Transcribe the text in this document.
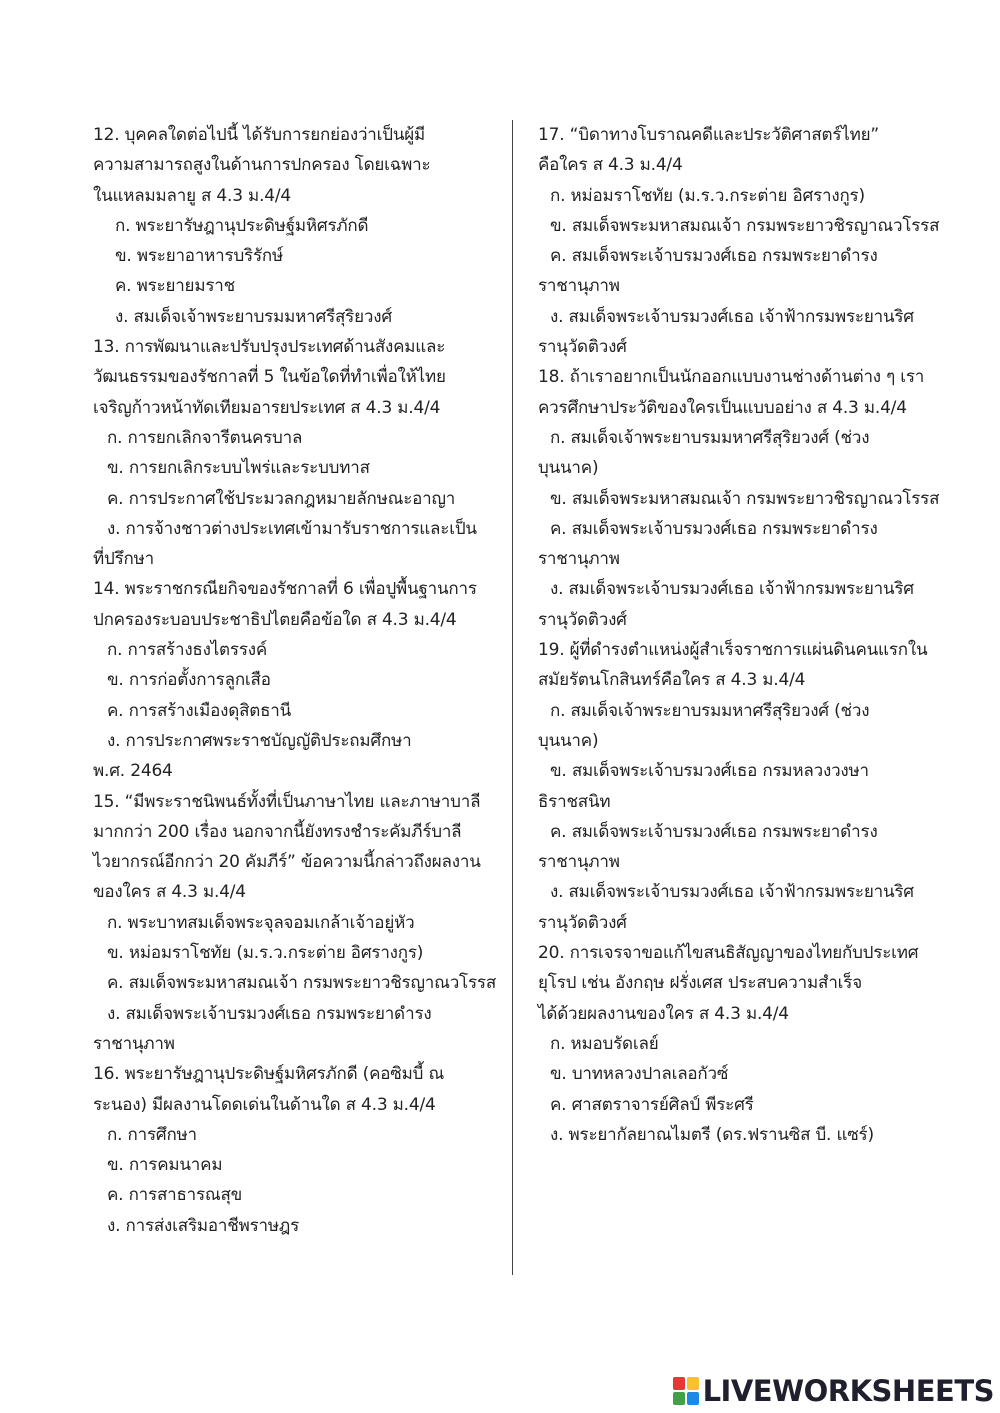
12. บุคคลใดต่อไปนี้ ได้รับการยกย่องว่าเป็นผู้มี
ความสามารถสูงในด้านการปกครอง โดยเฉพาะ
ในแหลมมลายู ส 4.3 ม.4/4
ก. พระยารัษฎานุประดิษฐ์มหิศรภักดี
ข. พระยาอาหารบริรักษ์
ค. พระยายมราช
ง. สมเด็จเจ้าพระยาบรมมหาศรีสุริยวงศ์
13. การพัฒนาและปรับปรุงประเทศด้านสังคมและ
วัฒนธรรมของรัชกาลที่ 5 ในข้อใดที่ทำเพื่อให้ไทย
เจริญก้าวหน้าทัดเทียมอารยประเทศ ส 4.3 ม.4/4
ก. การยกเลิกจารีตนครบาล
ข. การยกเลิกระบบไพร่และระบบทาส
ค. การประกาศใช้ประมวลกฎหมายลักษณะอาญา
ง. การจ้างชาวต่างประเทศเข้ามารับราชการและเป็น
ที่ปรึกษา
14. พระราชกรณียกิจของรัชกาลที่ 6 เพื่อปูพื้นฐานการ
ปกครองระบอบประชาธิปไตยคือข้อใด ส 4.3 ม.4/4
ก. การสร้างธงไตรรงค์
ข. การก่อตั้งการลูกเสือ
ค. การสร้างเมืองดุสิตธานี
ง. การประกาศพระราชบัญญัติประถมศึกษา
พ.ศ. 2464
15. “มีพระราชนิพนธ์ทั้งที่เป็นภาษาไทย และภาษาบาลี
มากกว่า 200 เรื่อง นอกจากนี้ยังทรงชำระคัมภีร์บาลี
ไวยากรณ์อีกกว่า 20 คัมภีร์” ข้อความนี้กล่าวถึงผลงาน
ของใคร ส 4.3 ม.4/4
ก. พระบาทสมเด็จพระจุลจอมเกล้าเจ้าอยู่หัว
ข. หม่อมราโชทัย (ม.ร.ว.กระต่าย อิศรางกูร)
ค. สมเด็จพระมหาสมณเจ้า กรมพระยาวชิรญาณวโรรส
ง. สมเด็จพระเจ้าบรมวงศ์เธอ กรมพระยาดำรง
ราชานุภาพ
16. พระยารัษฎานุประดิษฐ์มหิศรภักดี (คอซิมบี้ ณ
ระนอง) มีผลงานโดดเด่นในด้านใด ส 4.3 ม.4/4
ก. การศึกษา
ข. การคมนาคม
ค. การสาธารณสุข
ง. การส่งเสริมอาชีพราษฎร
17. “บิดาทางโบราณคดีและประวัติศาสตร์ไทย”
คือใคร ส 4.3 ม.4/4
ก. หม่อมราโชทัย (ม.ร.ว.กระต่าย อิศรางกูร)
ข. สมเด็จพระมหาสมณเจ้า กรมพระยาวชิรญาณวโรรส
ค. สมเด็จพระเจ้าบรมวงศ์เธอ กรมพระยาดำรง
ราชานุภาพ
ง. สมเด็จพระเจ้าบรมวงศ์เธอ เจ้าฟ้ากรมพระยานริศ
รานุวัดติวงศ์
18. ถ้าเราอยากเป็นนักออกแบบงานช่างด้านต่าง ๆ เรา
ควรศึกษาประวัติของใครเป็นแบบอย่าง ส 4.3 ม.4/4
ก. สมเด็จเจ้าพระยาบรมมหาศรีสุริยวงศ์ (ช่วง
บุนนาค)
ข. สมเด็จพระมหาสมณเจ้า กรมพระยาวชิรญาณวโรรส
ค. สมเด็จพระเจ้าบรมวงศ์เธอ กรมพระยาดำรง
ราชานุภาพ
ง. สมเด็จพระเจ้าบรมวงศ์เธอ เจ้าฟ้ากรมพระยานริศ
รานุวัดติวงศ์
19. ผู้ที่ดำรงตำแหน่งผู้สำเร็จราชการแผ่นดินคนแรกใน
สมัยรัตนโกสินทร์คือใคร ส 4.3 ม.4/4
ก. สมเด็จเจ้าพระยาบรมมหาศรีสุริยวงศ์ (ช่วง
บุนนาค)
ข. สมเด็จพระเจ้าบรมวงศ์เธอ กรมหลวงวงษา
ธิราชสนิท
ค. สมเด็จพระเจ้าบรมวงศ์เธอ กรมพระยาดำรง
ราชานุภาพ
ง. สมเด็จพระเจ้าบรมวงศ์เธอ เจ้าฟ้ากรมพระยานริศ
รานุวัดติวงศ์
20. การเจรจาขอแก้ไขสนธิสัญญาของไทยกับประเทศ
ยุโรป เช่น อังกฤษ ฝรั่งเศส ประสบความสำเร็จ
ได้ด้วยผลงานของใคร ส 4.3 ม.4/4
ก. หมอบรัดเลย์
ข. บาทหลวงปาลเลอกัวซ์
ค. ศาสตราจารย์ศิลป์ พีระศรี
ง. พระยากัลยาณไมตรี (ดร.ฟรานซิส บี. แซร์)
LIVEWORKSHEETS
